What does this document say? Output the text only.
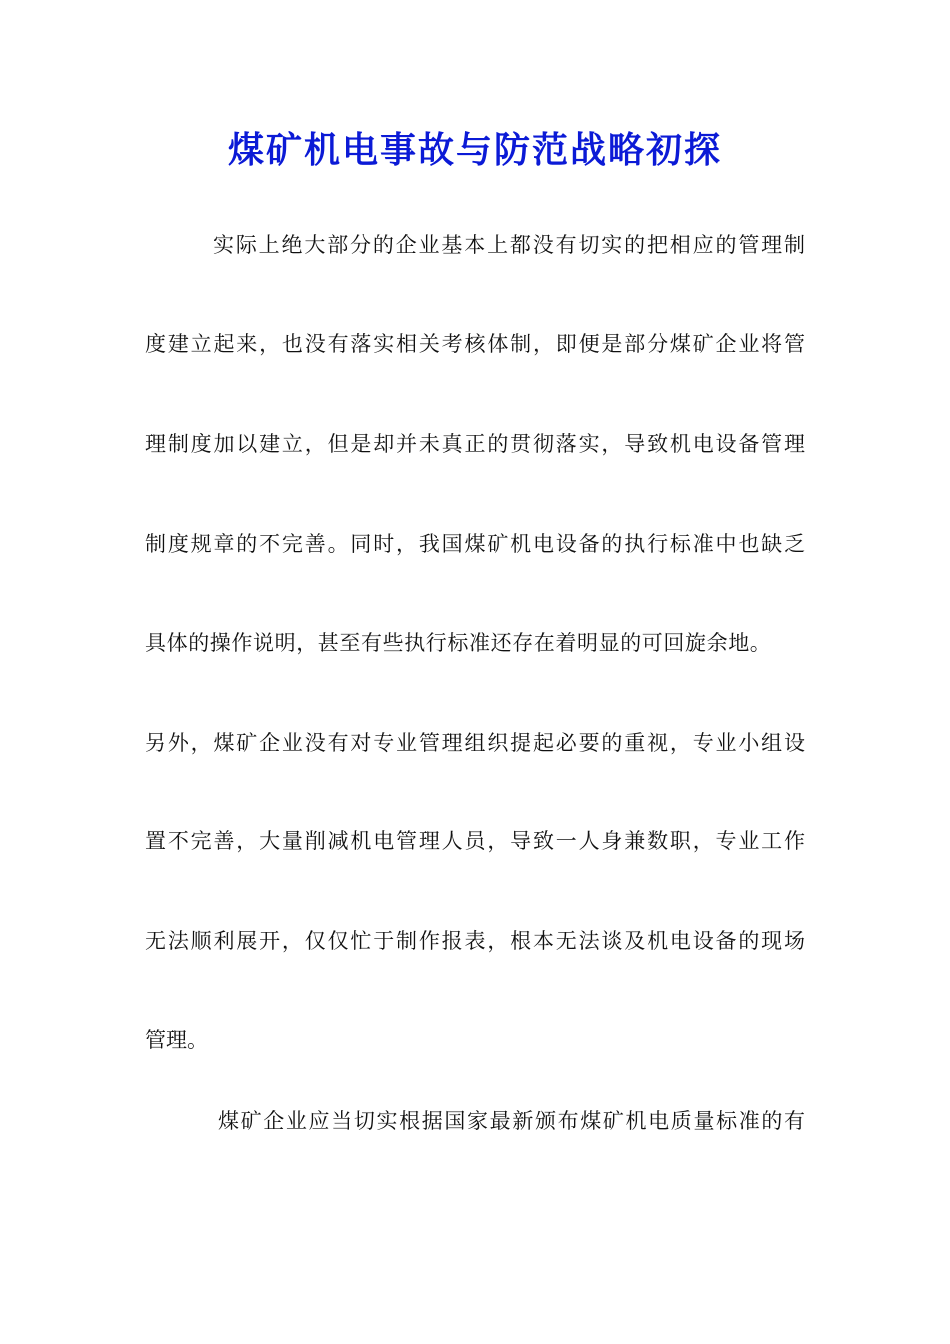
煤矿机电事故与防范战略初探

实际上绝大部分的企业基本上都没有切实的把相应的管理制

度建立起来，也没有落实相关考核体制，即便是部分煤矿企业将管

理制度加以建立，但是却并未真正的贯彻落实，导致机电设备管理

制度规章的不完善。同时，我国煤矿机电设备的执行标准中也缺乏

具体的操作说明，甚至有些执行标准还存在着明显的可回旋余地。

另外，煤矿企业没有对专业管理组织提起必要的重视，专业小组设

置不完善，大量削减机电管理人员，导致一人身兼数职，专业工作

无法顺利展开，仅仅忙于制作报表，根本无法谈及机电设备的现场

管理。

煤矿企业应当切实根据国家最新颁布煤矿机电质量标准的有
